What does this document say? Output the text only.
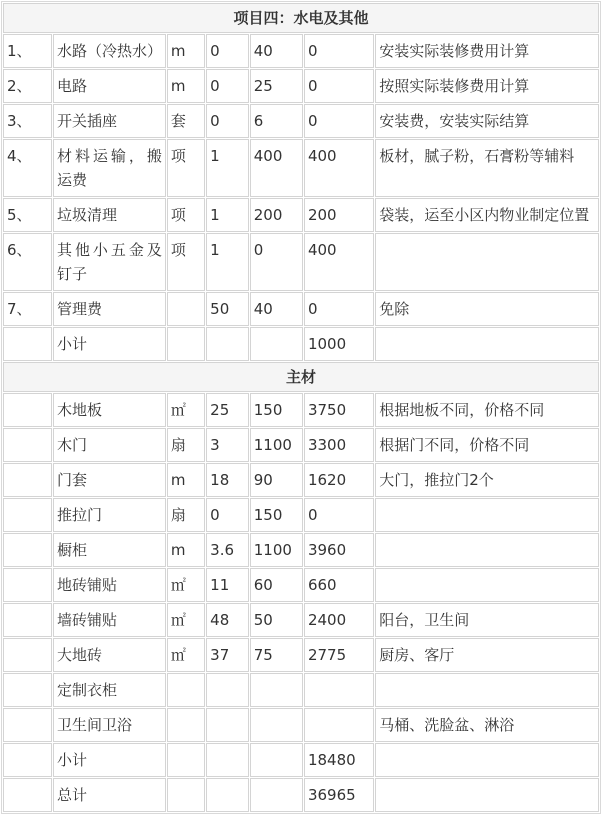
项目四：水电及其他						
1、	水路（冷热水）	m	0	40	0	安装实际装修费用计算
2、	电路	m	0	25	0	按照实际装修费用计算
3、	开关插座	套	0	6	0	安装费，安装实际结算
4、	材料运输，搬运费	项	1	400	400	板材，腻子粉，石膏粉等辅料
5、	垃圾清理	项	1	200	200	袋装，运至小区内物业制定位置
6、	其他小五金及钉子	项	1	0	400	
7、	管理费		50	40	0	免除
	小计				1000	
主材						
	木地板	㎡	25	150	3750	根据地板不同，价格不同
	木门	扇	3	1100	3300	根据门不同，价格不同
	门套	m	18	90	1620	大门，推拉门2个
	推拉门	扇	0	150	0	
	橱柜	m	3.6	1100	3960	
	地砖铺贴	㎡	11	60	660	
	墙砖铺贴	㎡	48	50	2400	阳台，卫生间
	大地砖	㎡	37	75	2775	厨房、客厅
	定制衣柜					
	卫生间卫浴					马桶、洗脸盆、淋浴
	小计				18480	
	总计				36965	
